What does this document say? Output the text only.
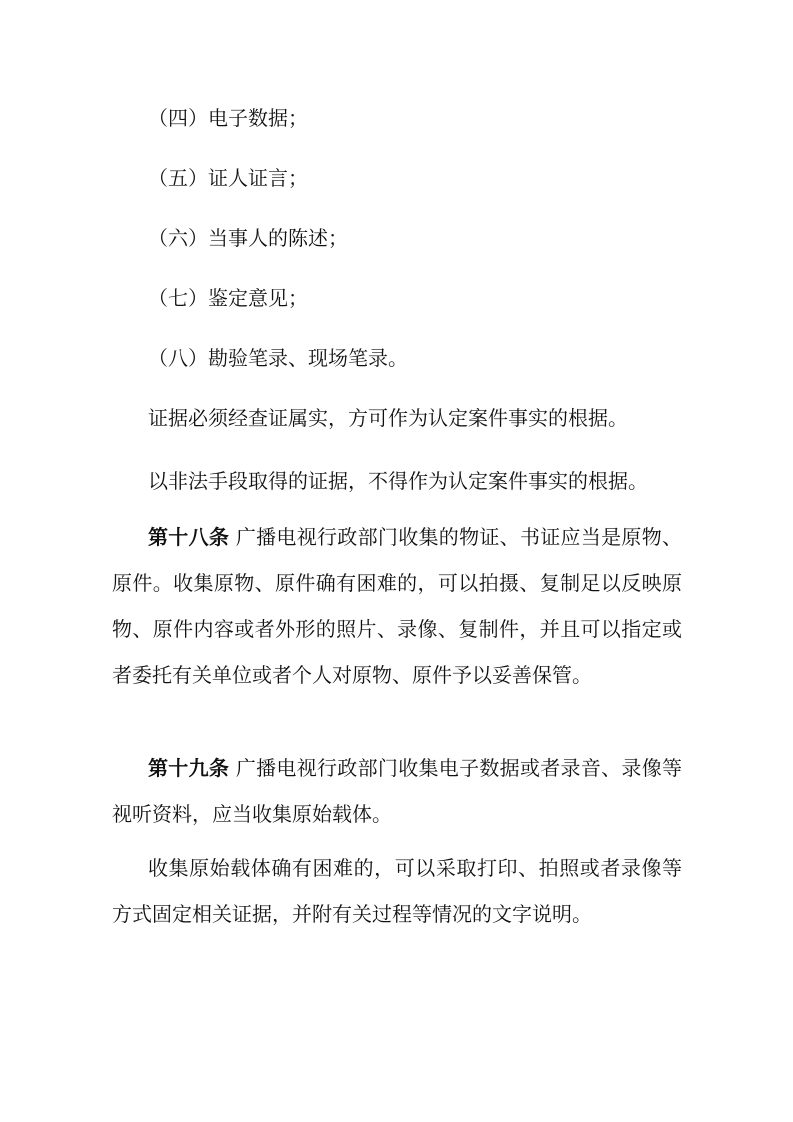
（四）电子数据；

（五）证人证言；

（六）当事人的陈述；

（七）鉴定意见；

（八）勘验笔录、现场笔录。

证据必须经查证属实，方可作为认定案件事实的根据。

以非法手段取得的证据，不得作为认定案件事实的根据。

第十八条 广播电视行政部门收集的物证、书证应当是原物、原件。收集原物、原件确有困难的，可以拍摄、复制足以反映原物、原件内容或者外形的照片、录像、复制件，并且可以指定或者委托有关单位或者个人对原物、原件予以妥善保管。

第十九条 广播电视行政部门收集电子数据或者录音、录像等视听资料，应当收集原始载体。

收集原始载体确有困难的，可以采取打印、拍照或者录像等方式固定相关证据，并附有关过程等情况的文字说明。
